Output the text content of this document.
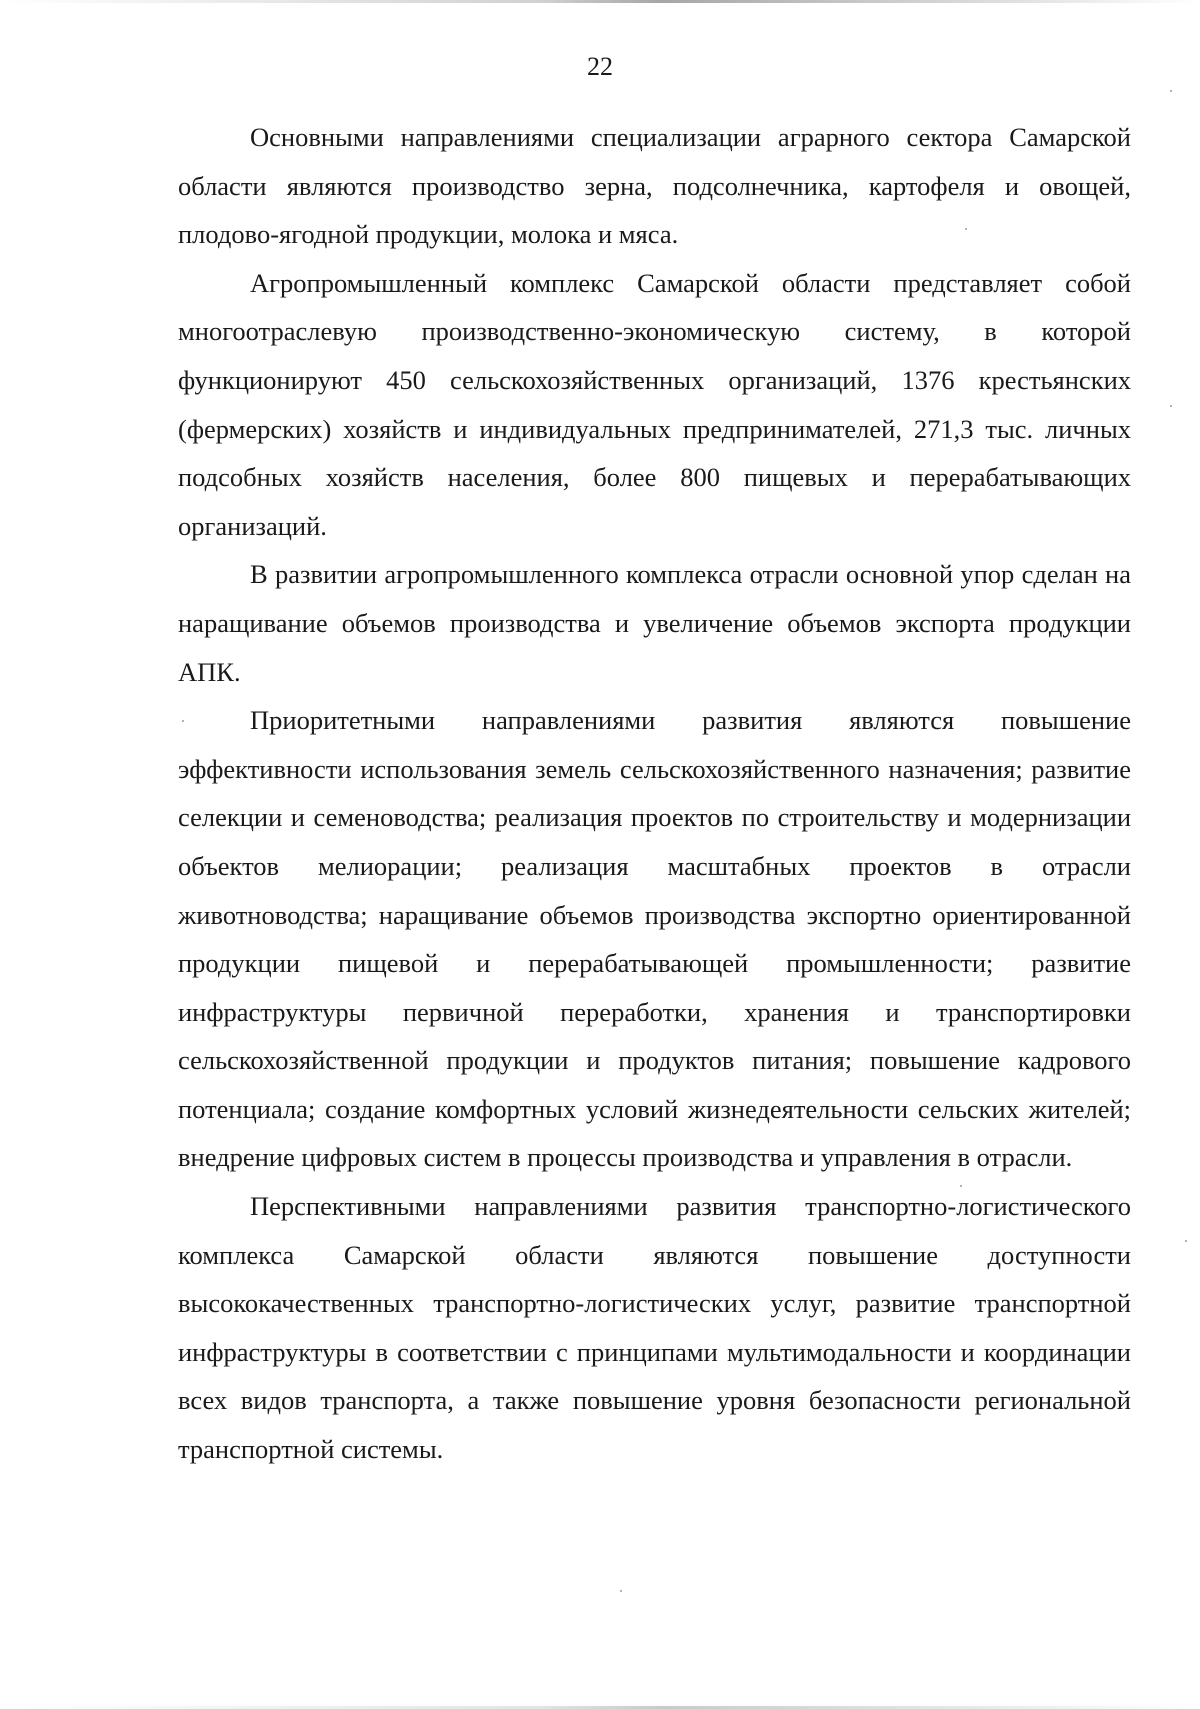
22

Основными направлениями специализации аграрного сектора Самарской области являются производство зерна, подсолнечника, картофеля и овощей, плодово-ягодной продукции, молока и мяса.

Агропромышленный комплекс Самарской области представляет собой многоотраслевую производственно-экономическую систему, в которой функционируют 450 сельскохозяйственных организаций, 1376 крестьянских (фермерских) хозяйств и индивидуальных предпринимателей, 271,3 тыс. личных подсобных хозяйств населения, более 800 пищевых и перерабатывающих организаций.

В развитии агропромышленного комплекса отрасли основной упор сделан на наращивание объемов производства и увеличение объемов экспорта продукции АПК.

Приоритетными направлениями развития являются повышение эффективности использования земель сельскохозяйственного назначения; развитие селекции и семеноводства; реализация проектов по строительству и модернизации объектов мелиорации; реализация масштабных проектов в отрасли животноводства; наращивание объемов производства экспортно ориентированной продукции пищевой и перерабатывающей промышленности; развитие инфраструктуры первичной переработки, хранения и транспортировки сельскохозяйственной продукции и продуктов питания; повышение кадрового потенциала; создание комфортных условий жизнедеятельности сельских жителей; внедрение цифровых систем в процессы производства и управления в отрасли.

Перспективными направлениями развития транспортно-логистического комплекса Самарской области являются повышение доступности высококачественных транспортно-логистических услуг, развитие транспортной инфраструктуры в соответствии с принципами мультимодальности и координации всех видов транспорта, а также повышение уровня безопасности региональной транспортной системы.
